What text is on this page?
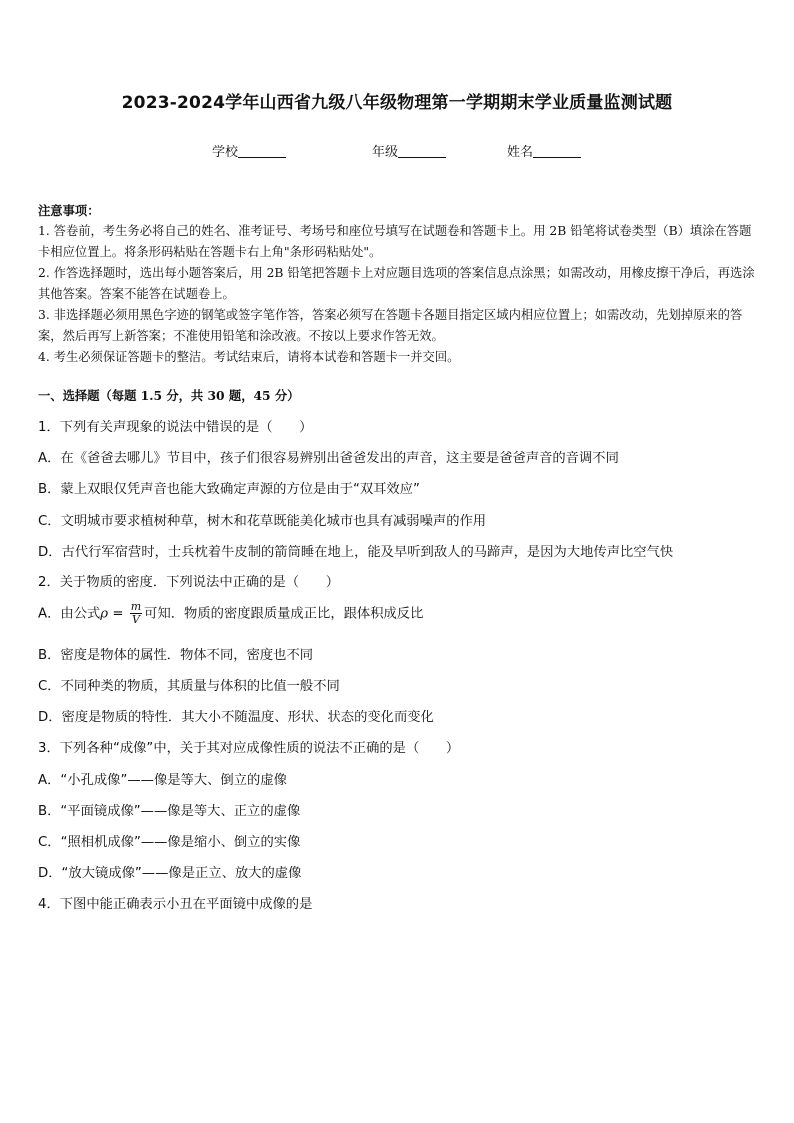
2023-2024学年山西省九级八年级物理第一学期期末学业质量监测试题
学校	年级	姓名
注意事项：
1. 答卷前，考生务必将自己的姓名、准考证号、考场号和座位号填写在试题卷和答题卡上。用 2B 铅笔将试卷类型（B）填涂在答题卡相应位置上。将条形码粘贴在答题卡右上角"条形码粘贴处"。
2. 作答选择题时，选出每小题答案后，用 2B 铅笔把答题卡上对应题目选项的答案信息点涂黑；如需改动，用橡皮擦干净后，再选涂其他答案。答案不能答在试题卷上。
3. 非选择题必须用黑色字迹的钢笔或签字笔作答，答案必须写在答题卡各题目指定区域内相应位置上；如需改动，先划掉原来的答案，然后再写上新答案；不准使用铅笔和涂改液。不按以上要求作答无效。
4. 考生必须保证答题卡的整洁。考试结束后，请将本试卷和答题卡一并交回。
一、选择题（每题 1.5 分，共 30 题，45 分）
1．下列有关声现象的说法中错误的是（　　）
A．在《爸爸去哪儿》节目中，孩子们很容易辨别出爸爸发出的声音，这主要是爸爸声音的音调不同
B．蒙上双眼仅凭声音也能大致确定声源的方位是由于“双耳效应”
C．文明城市要求植树种草，树木和花草既能美化城市也具有减弱噪声的作用
D．古代行军宿营时，士兵枕着牛皮制的箭筒睡在地上，能及早听到敌人的马蹄声，是因为大地传声比空气快
2．关于物质的密度．下列说法中正确的是（　　）
A．由公式$\rho = \frac{m}{V}$ 可知．物质的密度跟质量成正比，跟体积成反比
B．密度是物体的属性．物体不同，密度也不同
C．不同种类的物质，其质量与体积的比值一般不同
D．密度是物质的特性．其大小不随温度、形状、状态的变化而变化
3．下列各种“成像”中，关于其对应成像性质的说法不正确的是（　　）
A．“小孔成像”——像是等大、倒立的虚像
B．“平面镜成像”——像是等大、正立的虚像
C．“照相机成像”——像是缩小、倒立的实像
D．“放大镜成像”——像是正立、放大的虚像
4．下图中能正确表示小丑在平面镜中成像的是
